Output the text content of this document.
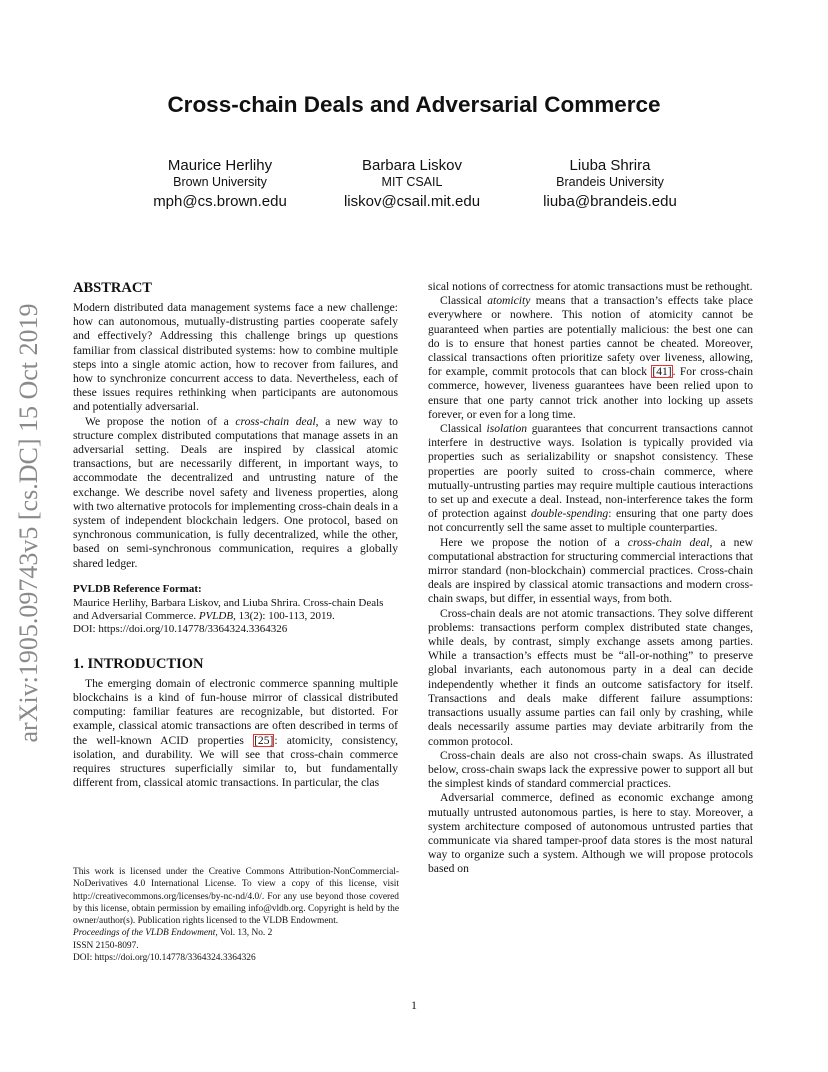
arXiv:1905.09743v5 [cs.DC] 15 Oct 2019
Cross-chain Deals and Adversarial Commerce
Maurice Herlihy
Brown University
mph@cs.brown.edu
Barbara Liskov
MIT CSAIL
liskov@csail.mit.edu
Liuba Shrira
Brandeis University
liuba@brandeis.edu
ABSTRACT

Modern distributed data management systems face a new challenge: how can autonomous, mutually-distrusting parties cooperate safely and effectively? Addressing this challenge brings up questions familiar from classical distributed systems: how to combine multiple steps into a single atomic action, how to recover from failures, and how to synchronize concurrent access to data. Nevertheless, each of these issues requires rethinking when participants are autonomous and potentially adversarial.

We propose the notion of a cross-chain deal, a new way to structure complex distributed computations that manage assets in an adversarial setting. Deals are inspired by classical atomic transactions, but are necessarily different, in important ways, to accommodate the decentralized and untrusting nature of the exchange. We describe novel safety and liveness properties, along with two alternative protocols for implementing cross-chain deals in a system of independent blockchain ledgers. One protocol, based on synchronous communication, is fully decentralized, while the other, based on semi-synchronous communication, requires a globally shared ledger.

PVLDB Reference Format:
Maurice Herlihy, Barbara Liskov, and Liuba Shrira. Cross-chain Deals and Adversarial Commerce. PVLDB, 13(2): 100-113, 2019.
DOI: https://doi.org/10.14778/3364324.3364326
1. INTRODUCTION

The emerging domain of electronic commerce spanning multiple blockchains is a kind of fun-house mirror of classical distributed computing: familiar features are recognizable, but distorted. For example, classical atomic transactions are often described in terms of the well-known ACID properties [25]: atomicity, consistency, isolation, and durability. We will see that cross-chain commerce requires structures superficially similar to, but fundamentally different from, classical atomic transactions. In particular, the clas

sical notions of correctness for atomic transactions must be rethought.

Classical atomicity means that a transaction’s effects take place everywhere or nowhere. This notion of atomicity cannot be guaranteed when parties are potentially malicious: the best one can do is to ensure that honest parties cannot be cheated. Moreover, classical transactions often prioritize safety over liveness, allowing, for example, commit protocols that can block [41]. For cross-chain commerce, however, liveness guarantees have been relied upon to ensure that one party cannot trick another into locking up assets forever, or even for a long time.

Classical isolation guarantees that concurrent transactions cannot interfere in destructive ways. Isolation is typically provided via properties such as serializability or snapshot consistency. These properties are poorly suited to cross-chain commerce, where mutually-untrusting parties may require multiple cautious interactions to set up and execute a deal. Instead, non-interference takes the form of protection against double-spending: ensuring that one party does not concurrently sell the same asset to multiple counterparties.

Here we propose the notion of a cross-chain deal, a new computational abstraction for structuring commercial interactions that mirror standard (non-blockchain) commercial practices. Cross-chain deals are inspired by classical atomic transactions and modern cross-chain swaps, but differ, in essential ways, from both.

Cross-chain deals are not atomic transactions. They solve different problems: transactions perform complex distributed state changes, while deals, by contrast, simply exchange assets among parties. While a transaction’s effects must be “all-or-nothing” to preserve global invariants, each autonomous party in a deal can decide independently whether it finds an outcome satisfactory for itself. Transactions and deals make different failure assumptions: transactions usually assume parties can fail only by crashing, while deals necessarily assume parties may deviate arbitrarily from the common protocol.

Cross-chain deals are also not cross-chain swaps. As illustrated below, cross-chain swaps lack the expressive power to support all but the simplest kinds of standard commercial practices.

Adversarial commerce, defined as economic exchange among mutually untrusted autonomous parties, is here to stay. Moreover, a system architecture composed of autonomous untrusted parties that communicate via shared tamper-proof data stores is the most natural way to organize such a system. Although we will propose protocols based on

This work is licensed under the Creative Commons Attribution-NonCommercial-NoDerivatives 4.0 International License. To view a copy of this license, visit http://creativecommons.org/licenses/by-nc-nd/4.0/. For any use beyond those covered by this license, obtain permission by emailing info@vldb.org. Copyright is held by the owner/author(s). Publication rights licensed to the VLDB Endowment.

Proceedings of the VLDB Endowment, Vol. 13, No. 2

ISSN 2150-8097.

DOI: https://doi.org/10.14778/3364324.3364326

1
